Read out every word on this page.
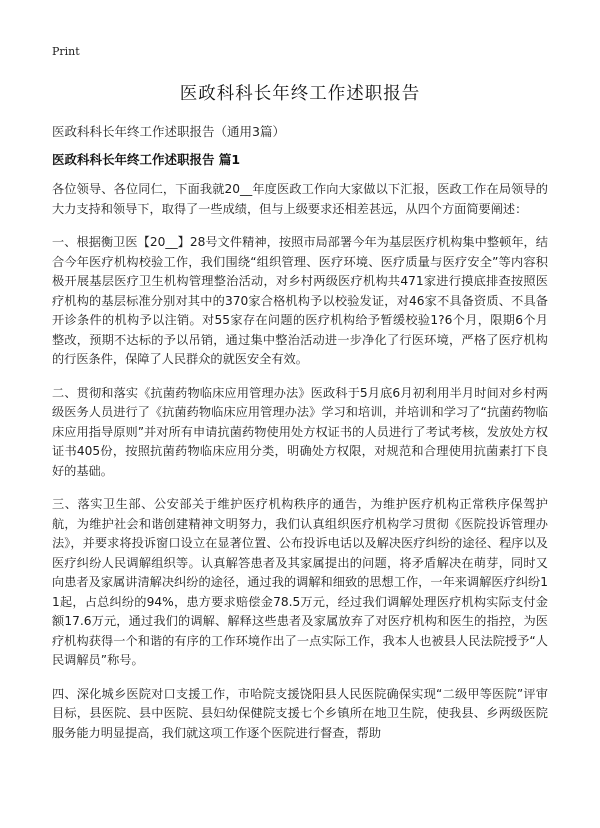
Print
医政科科长年终工作述职报告
医政科科长年终工作述职报告（通用3篇）
医政科科长年终工作述职报告 篇1

各位领导、各位同仁，下面我就20__年度医政工作向大家做以下汇报，医政工作在局领导的大力支持和领导下，取得了一些成绩，但与上级要求还相差甚远，从四个方面简要阐述：

一、根据衡卫医【20__】28号文件精神，按照市局部署今年为基层医疗机构集中整顿年，结合今年医疗机构校验工作，我们围绕“组织管理、医疗环境、医疗质量与医疗安全”等内容积极开展基层医疗卫生机构管理整治活动，对乡村两级医疗机构共471家进行摸底排查按照医疗机构的基层标准分别对其中的370家合格机构予以校验发证，对46家不具备资质、不具备开诊条件的机构予以注销。对55家存在问题的医疗机构给予暂缓校验1?6个月，限期6个月整改，预期不达标的予以吊销，通过集中整治活动进一步净化了行医环境，严格了医疗机构的行医条件，保障了人民群众的就医安全有效。

二、贯彻和落实《抗菌药物临床应用管理办法》医政科于5月底6月初利用半月时间对乡村两级医务人员进行了《抗菌药物临床应用管理办法》学习和培训，并培训和学习了“抗菌药物临床应用指导原则”并对所有申请抗菌药物使用处方权证书的人员进行了考试考核，发放处方权证书405份，按照抗菌药物临床应用分类，明确处方权限，对规范和合理使用抗菌素打下良好的基础。

三、落实卫生部、公安部关于维护医疗机构秩序的通告，为维护医疗机构正常秩序保驾护航，为维护社会和谐创建精神文明努力，我们认真组织医疗机构学习贯彻《医院投诉管理办法》，并要求将投诉窗口设立在显著位置、公布投诉电话以及解决医疗纠纷的途径、程序以及医疗纠纷人民调解组织等。认真解答患者及其家属提出的问题，将矛盾解决在萌芽，同时又向患者及家属讲清解决纠纷的途径，通过我的调解和细致的思想工作，一年来调解医疗纠纷11起，占总纠纷的94%，患方要求赔偿金78.5万元，经过我们调解处理医疗机构实际支付金额17.6万元，通过我们的调解、解释这些患者及家属放弃了对医疗机构和医生的指控，为医疗机构获得一个和谐的有序的工作环境作出了一点实际工作，我本人也被县人民法院授予“人民调解员”称号。

四、深化城乡医院对口支援工作，市哈院支援饶阳县人民医院确保实现“二级甲等医院”评审目标，县医院、县中医院、县妇幼保健院支援七个乡镇所在地卫生院，使我县、乡两级医院服务能力明显提高，我们就这项工作逐个医院进行督查，帮助
